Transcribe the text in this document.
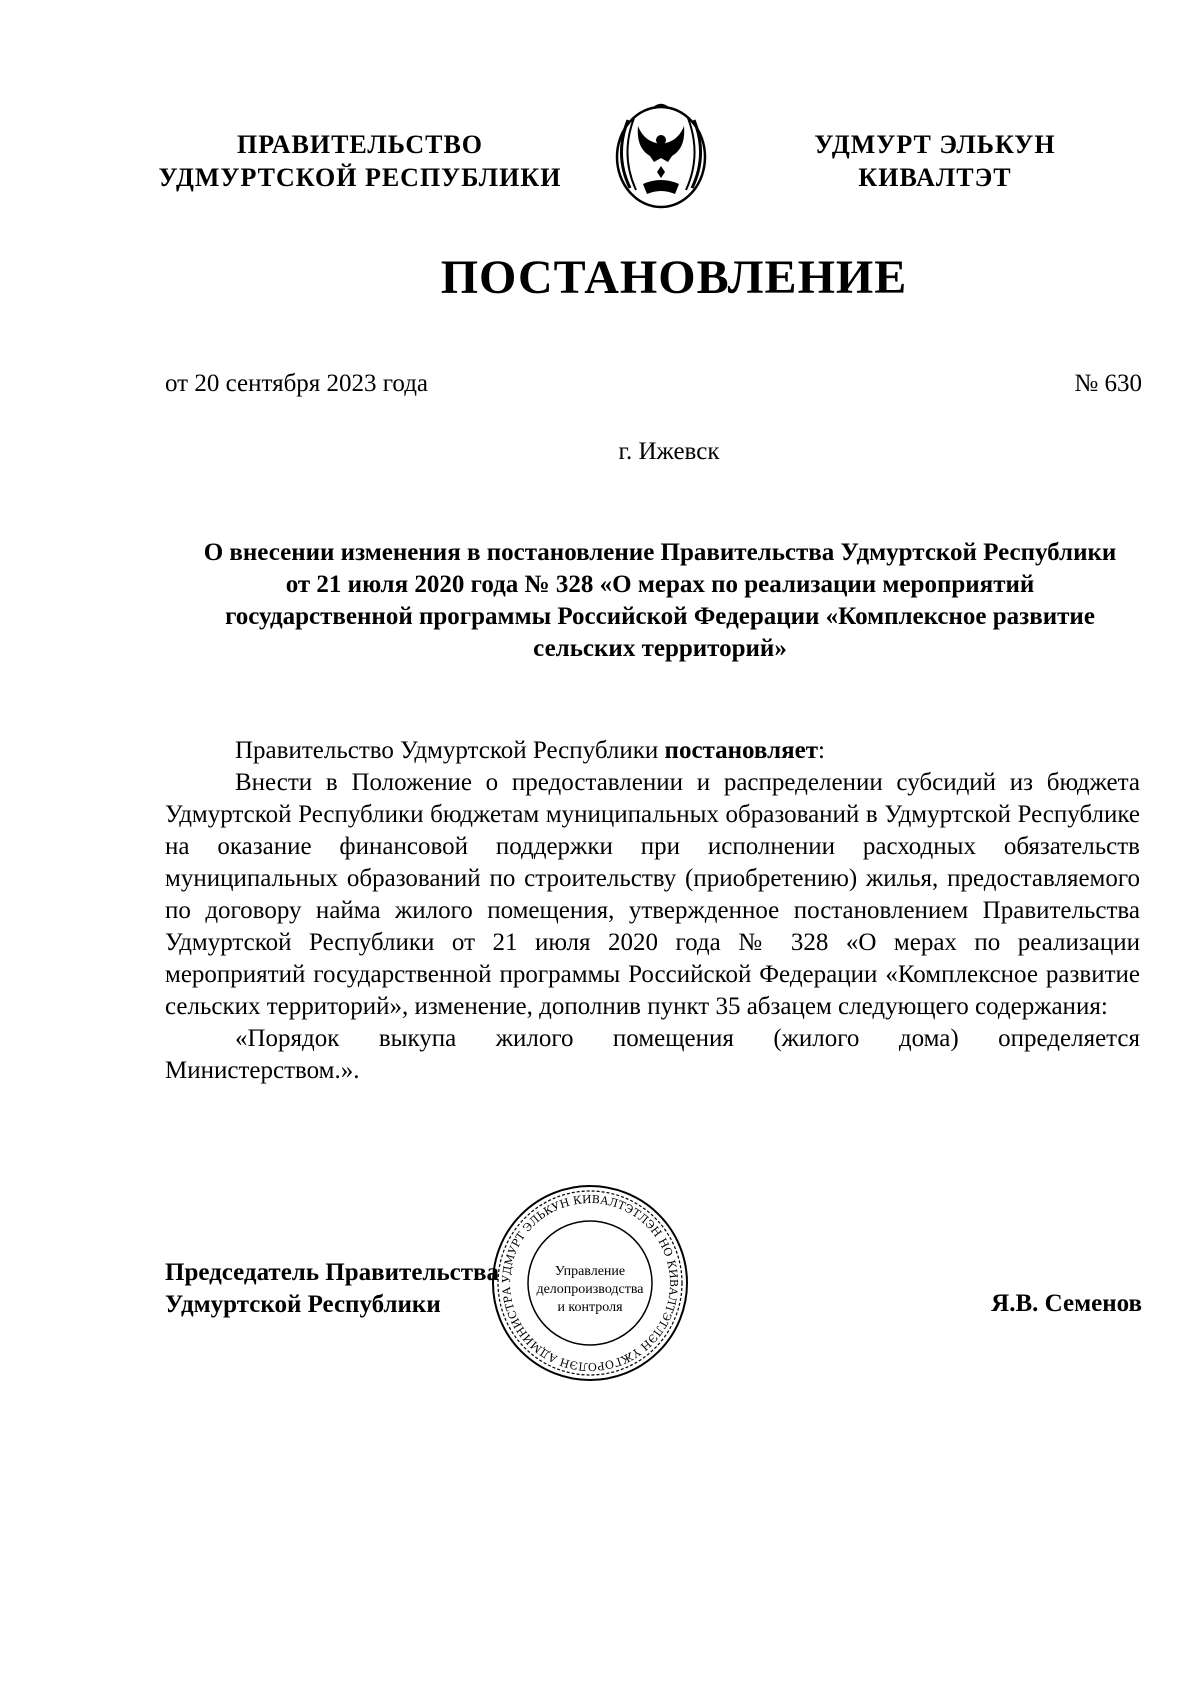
ПРАВИТЕЛЬСТВО
УДМУРТСКОЙ РЕСПУБЛИКИ
УДМУРТ ЭЛЬКУН
КИВАЛТЭТ
ПОСТАНОВЛЕНИЕ
от 20 сентября 2023 года	№ 630
г. Ижевск
О внесении изменения в постановление Правительства Удмуртской Республики от 21 июля 2020 года № 328 «О мерах по реализации мероприятий государственной программы Российской Федерации «Комплексное развитие сельских территорий»

Правительство Удмуртской Республики постановляет:

Внести в Положение о предоставлении и распределении субсидий из бюджета Удмуртской Республики бюджетам муниципальных образований в Удмуртской Республике на оказание финансовой поддержки при исполнении расходных обязательств муниципальных образований по строительству (приобретению) жилья, предоставляемого по договору найма жилого помещения, утвержденное постановлением Правительства Удмуртской Республики от 21 июля 2020 года № 328 «О мерах по реализации мероприятий государственной программы Российской Федерации «Комплексное развитие сельских территорий», изменение, дополнив пункт 35 абзацем следующего содержания:

«Порядок выкупа жилого помещения (жилого дома) определяется Министерством.».

Председатель Правительства
Удмуртской Республики
УДМУРТ ЭЛЬКУН КИВАЛТЭТЛЭН НО КИВАЛТЭТЛЭН ҮЖГОРОЛЭН АДМИНИСТРА
Управление
делопроизводства
и контроля	Я.В. Семенов
